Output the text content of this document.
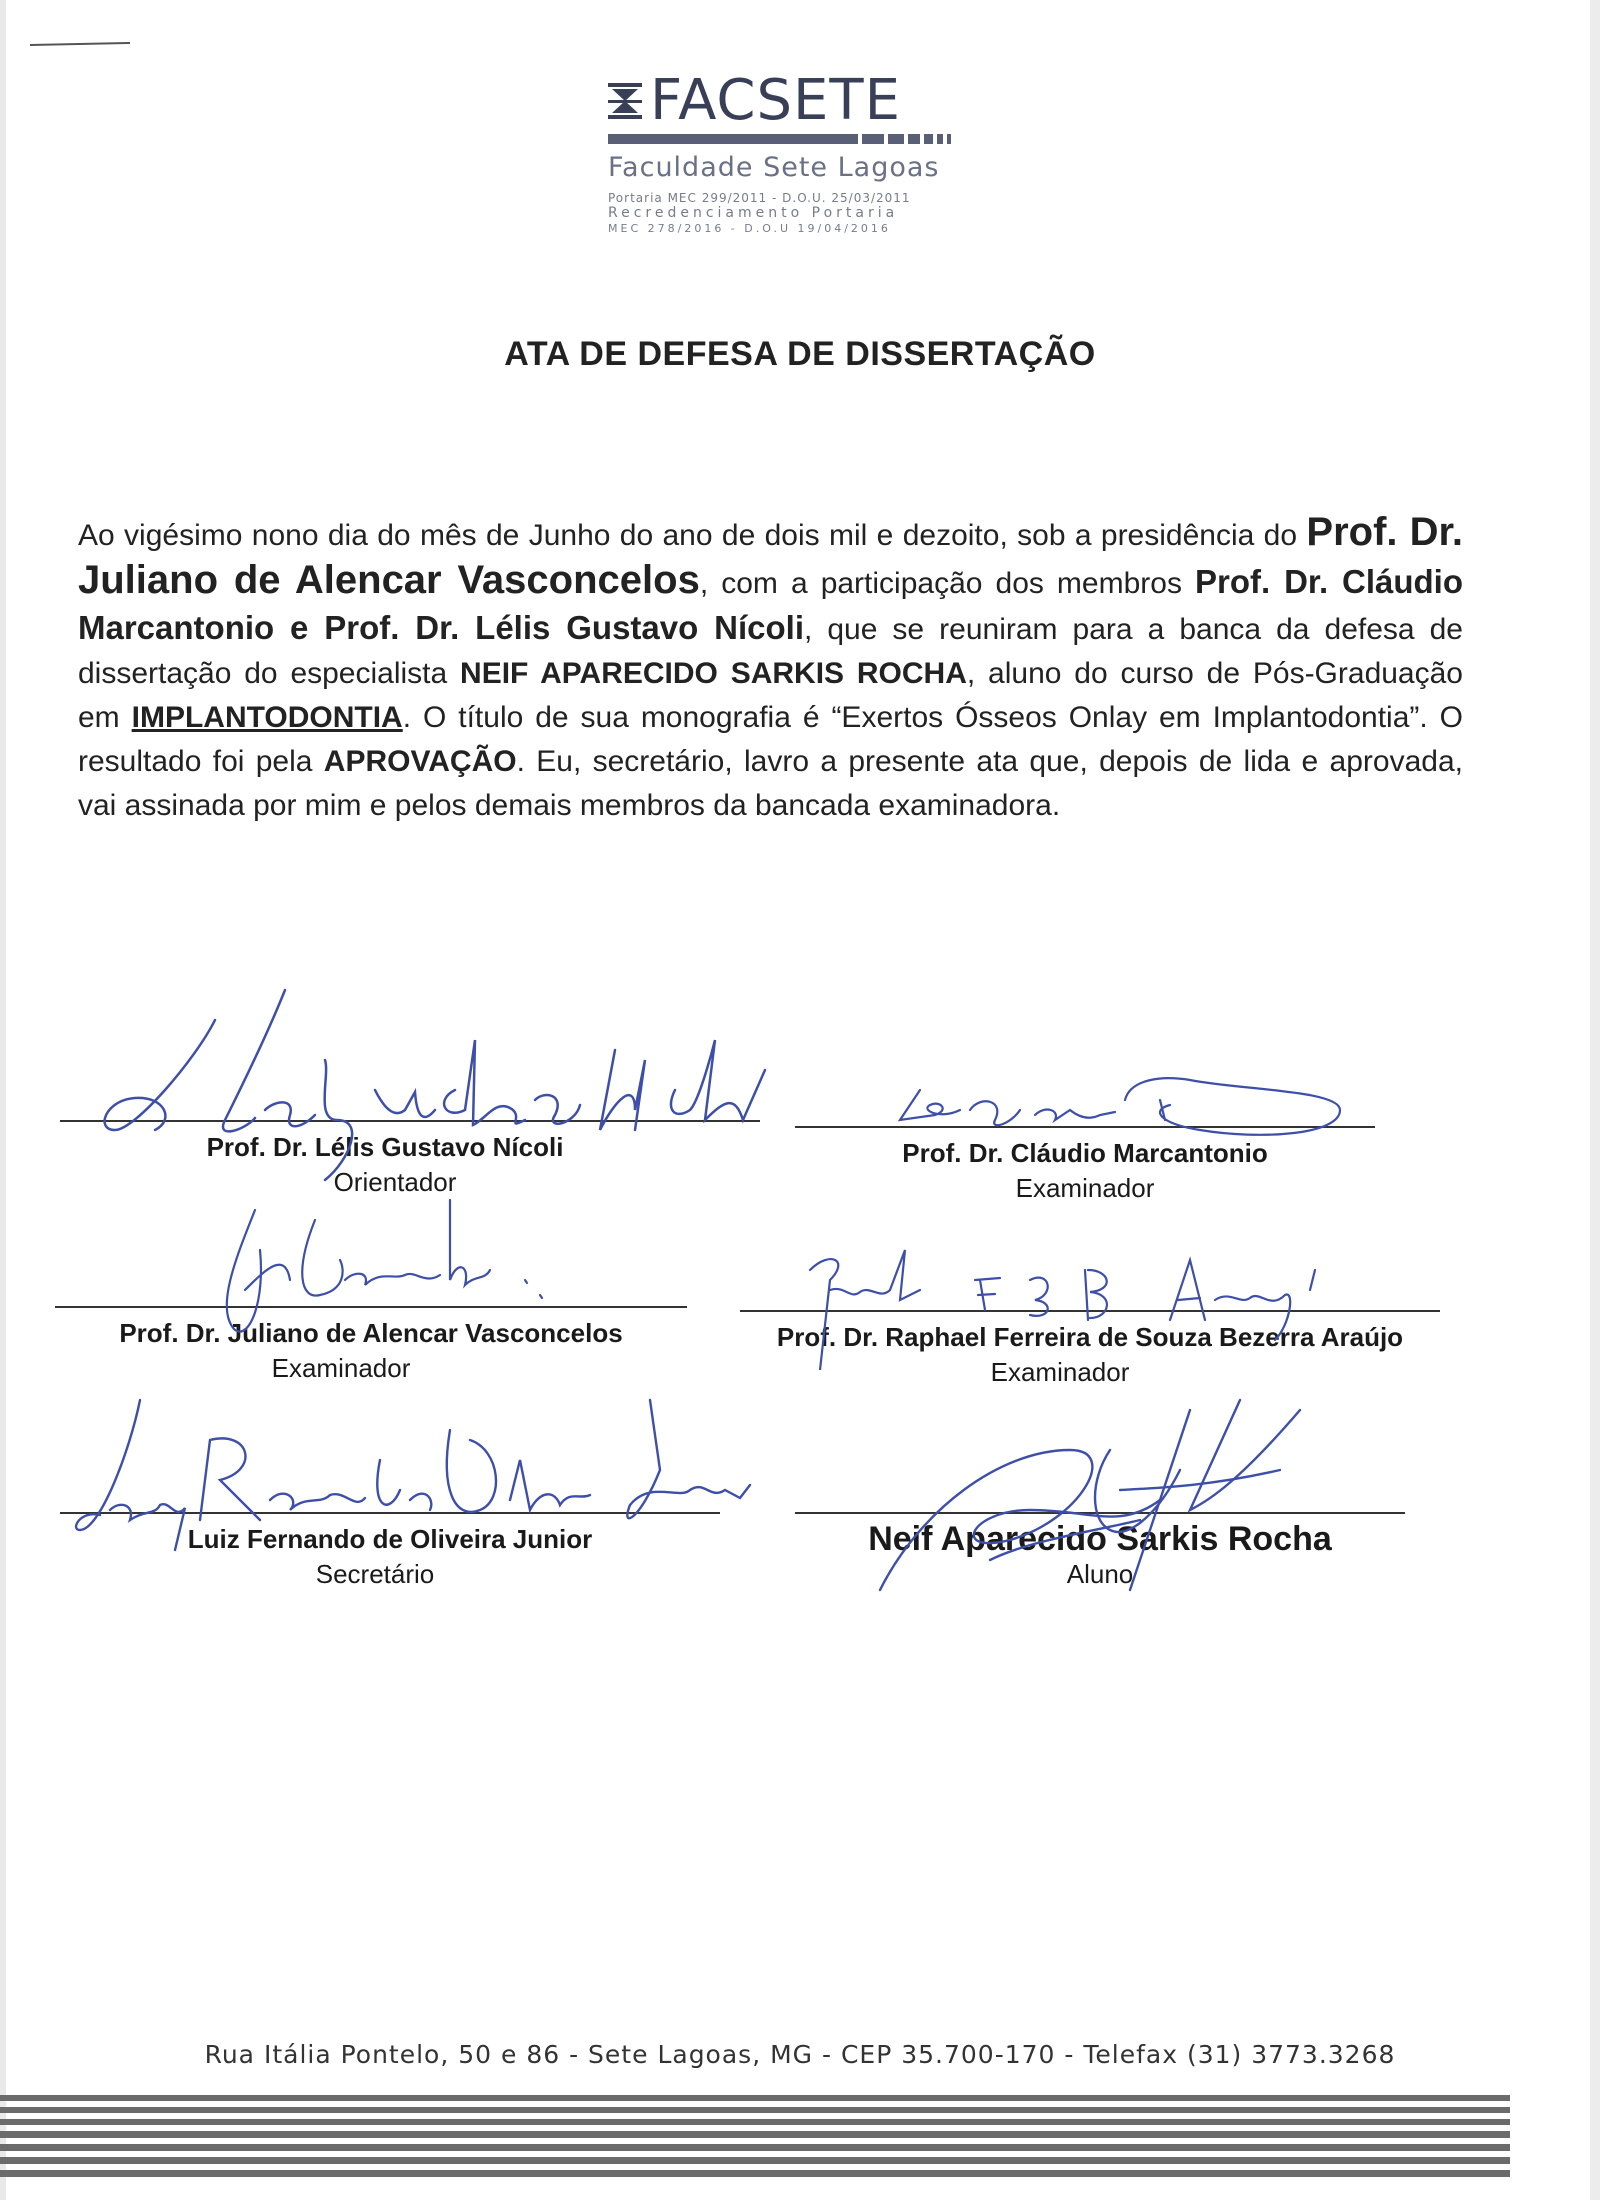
FACSETE
Faculdade Sete Lagoas
Portaria MEC 299/2011 - D.O.U. 25/03/2011
Recredenciamento Portaria
MEC 278/2016 - D.O.U 19/04/2016
ATA DE DEFESA DE DISSERTAÇÃO
Ao vigésimo nono dia do mês de Junho do ano de dois mil e dezoito, sob a presidência do Prof. Dr. Juliano de Alencar Vasconcelos, com a participação dos membros Prof. Dr. Cláudio Marcantonio e Prof. Dr. Lélis Gustavo Nícoli, que se reuniram para a banca da defesa de dissertação do especialista NEIF APARECIDO SARKIS ROCHA, aluno do curso de Pós-Graduação em IMPLANTODONTIA. O título de sua monografia é “Exertos Ósseos Onlay em Implantodontia”. O resultado foi pela APROVAÇÃO. Eu, secretário, lavro a presente ata que, depois de lida e aprovada, vai assinada por mim e pelos demais membros da bancada examinadora.
Prof. Dr. Lélis Gustavo Nícoli
Orientador
Prof. Dr. Cláudio Marcantonio
Examinador
Prof. Dr. Juliano de Alencar Vasconcelos
Examinador
Prof. Dr. Raphael Ferreira de Souza Bezerra Araújo
Examinador
Luiz Fernando de Oliveira Junior
Secretário
Neif Aparecido Sarkis Rocha
Aluno
Rua Itália Pontelo, 50 e 86 - Sete Lagoas, MG - CEP 35.700-170 - Telefax (31) 3773.3268
